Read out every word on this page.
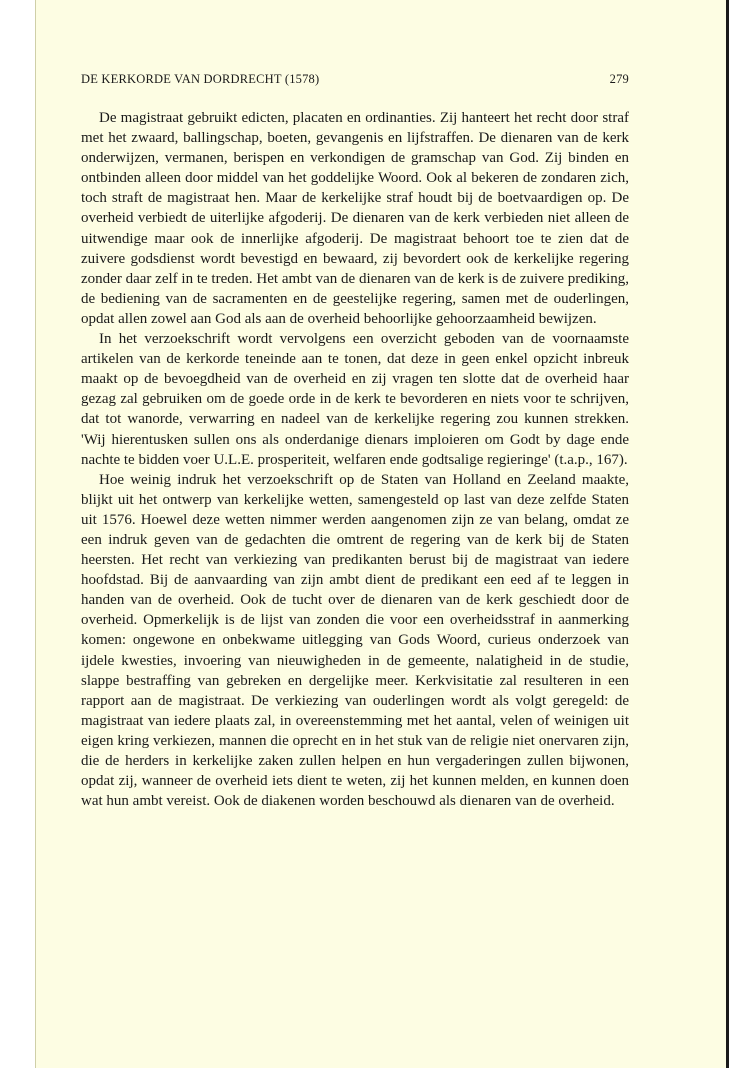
DE KERKORDE VAN DORDRECHT (1578)	279

De magistraat gebruikt edicten, placaten en ordinanties. Zij hanteert het recht door straf met het zwaard, ballingschap, boeten, gevangenis en lijfstraffen. De dienaren van de kerk onderwijzen, vermanen, berispen en verkondigen de gramschap van God. Zij binden en ontbinden alleen door middel van het goddelijke Woord. Ook al bekeren de zondaren zich, toch straft de magistraat hen. Maar de kerkelijke straf houdt bij de boetvaardigen op. De overheid verbiedt de uiterlijke afgoderij. De dienaren van de kerk verbieden niet alleen de uitwendige maar ook de innerlijke afgoderij. De magistraat behoort toe te zien dat de zuivere godsdienst wordt bevestigd en bewaard, zij bevordert ook de kerkelijke regering zonder daar zelf in te treden. Het ambt van de dienaren van de kerk is de zuivere prediking, de bediening van de sacramenten en de geestelijke regering, samen met de ouderlingen, opdat allen zowel aan God als aan de overheid behoorlijke gehoorzaamheid bewijzen.

In het verzoekschrift wordt vervolgens een overzicht geboden van de voornaamste artikelen van de kerkorde teneinde aan te tonen, dat deze in geen enkel opzicht inbreuk maakt op de bevoegdheid van de overheid en zij vragen ten slotte dat de overheid haar gezag zal gebruiken om de goede orde in de kerk te bevorderen en niets voor te schrijven, dat tot wanorde, verwarring en nadeel van de kerkelijke regering zou kunnen strekken. 'Wij hierentusken sullen ons als onderdanige dienars imploieren om Godt by dage ende nachte te bidden voer U.L.E. prosperiteit, welfaren ende godtsalige regieringe' (t.a.p., 167).

Hoe weinig indruk het verzoekschrift op de Staten van Holland en Zeeland maakte, blijkt uit het ontwerp van kerkelijke wetten, samengesteld op last van deze zelfde Staten uit 1576. Hoewel deze wetten nimmer werden aangenomen zijn ze van belang, omdat ze een indruk geven van de gedachten die omtrent de regering van de kerk bij de Staten heersten. Het recht van verkiezing van predikanten berust bij de magistraat van iedere hoofdstad. Bij de aanvaarding van zijn ambt dient de predikant een eed af te leggen in handen van de overheid. Ook de tucht over de dienaren van de kerk geschiedt door de overheid. Opmerkelijk is de lijst van zonden die voor een overheidsstraf in aanmerking komen: ongewone en onbekwame uitlegging van Gods Woord, curieus onderzoek van ijdele kwesties, invoering van nieuwigheden in de gemeente, nalatigheid in de studie, slappe bestraffing van gebreken en dergelijke meer. Kerkvisitatie zal resulteren in een rapport aan de magistraat. De verkiezing van ouderlingen wordt als volgt geregeld: de magistraat van iedere plaats zal, in overeenstemming met het aantal, velen of weinigen uit eigen kring verkiezen, mannen die oprecht en in het stuk van de religie niet onervaren zijn, die de herders in kerkelijke zaken zullen helpen en hun vergaderingen zullen bijwonen, opdat zij, wanneer de overheid iets dient te weten, zij het kunnen melden, en kunnen doen wat hun ambt vereist. Ook de diakenen worden beschouwd als dienaren van de overheid.
